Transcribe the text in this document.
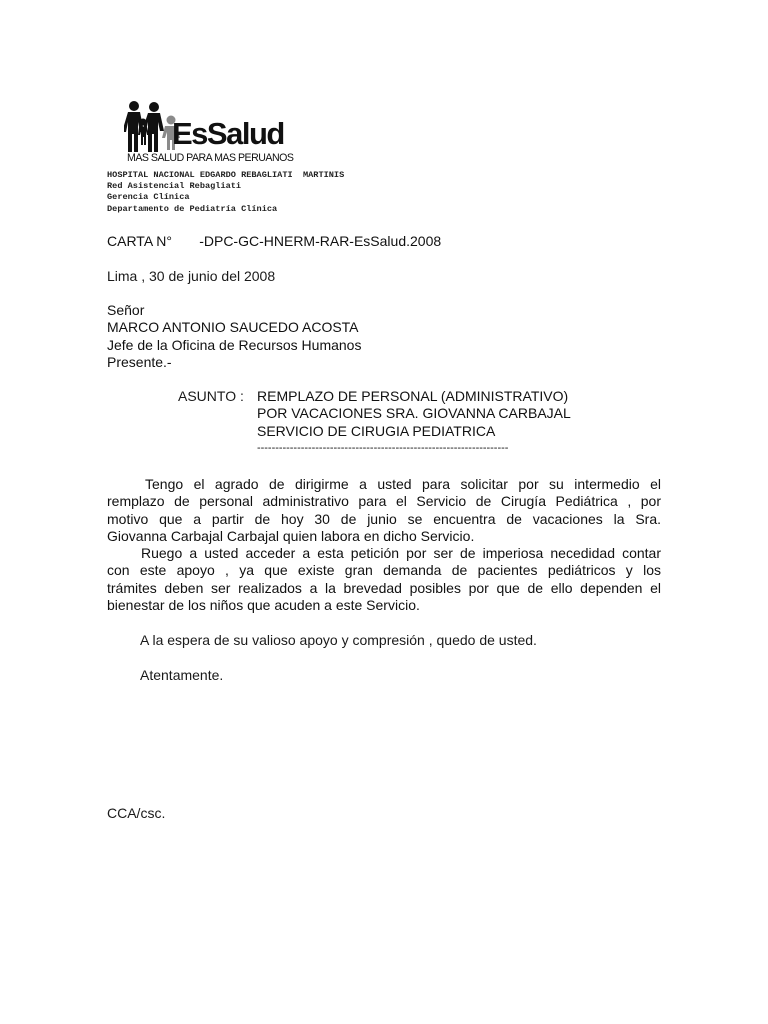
EsSalud
MAS SALUD PARA MAS PERUANOS
HOSPITAL NACIONAL EDGARDO REBAGLIATI  MARTINIS
Red Asistencial Rebagliati
Gerencia Clínica
Departamento de Pediatría Clínica
CARTA N°       -DPC-GC-HNERM-RAR-EsSalud.2008
Lima , 30 de junio del 2008
Señor
MARCO ANTONIO SAUCEDO ACOSTA
Jefe de la Oficina de Recursos Humanos
Presente.-
ASUNTO : REMPLAZO DE PERSONAL (ADMINISTRATIVO)
POR VACACIONES SRA. GIOVANNA CARBAJAL
SERVICIO DE CIRUGIA PEDIATRICA
---------------------------------------------------------------------
Tengo el agrado de dirigirme a usted para solicitar por su intermedio el
remplazo de personal administrativo para el Servicio de Cirugía Pediátrica , por
motivo que a partir de hoy 30 de junio se encuentra de vacaciones la Sra.
Giovanna Carbajal Carbajal quien labora en dicho Servicio.
Ruego a usted acceder a esta petición por ser de imperiosa necedidad contar
con este apoyo , ya que existe gran demanda de pacientes pediátricos y los
trámites deben ser realizados a la brevedad posibles por que de ello dependen el
bienestar de los niños que acuden a este Servicio.
A la espera de su valioso apoyo y compresión , quedo de usted.
Atentamente.
CCA/csc.
